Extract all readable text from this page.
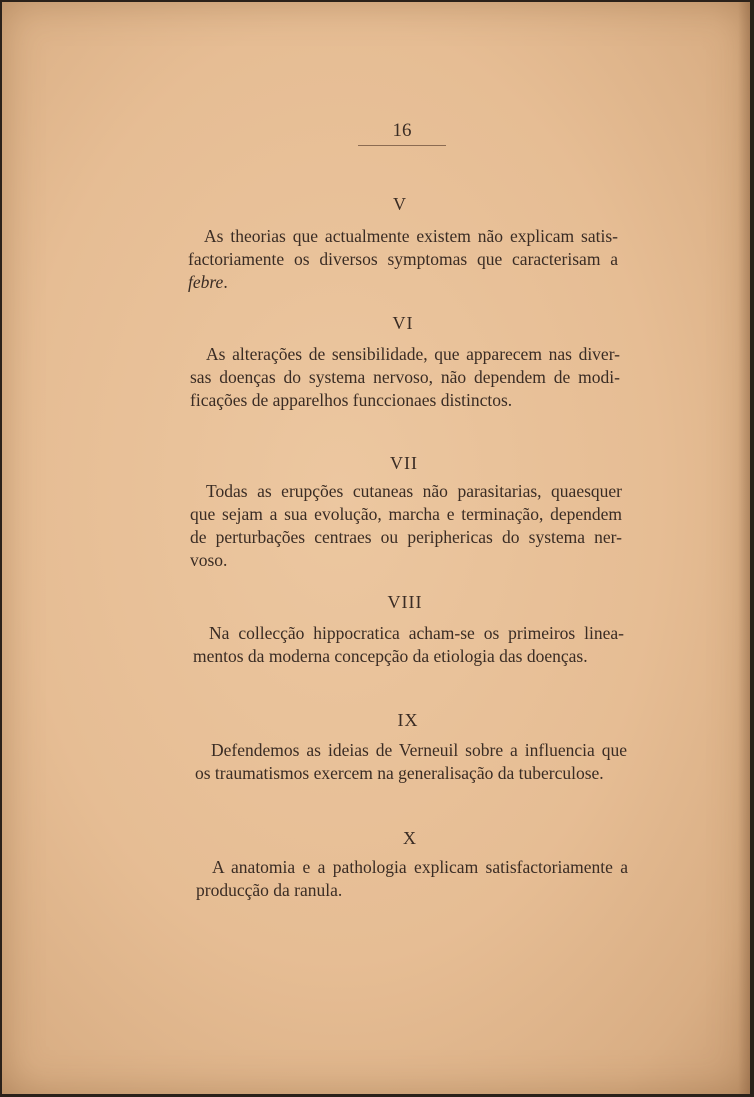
16
V
As theorias que actualmente existem não explicam satis-
factoriamente os diversos symptomas que caracterisam a
febre.
VI
As alterações de sensibilidade, que apparecem nas diver-
sas doenças do systema nervoso, não dependem de modi-
ficações de apparelhos funccionaes distinctos.
VII
Todas as erupções cutaneas não parasitarias, quaesquer
que sejam a sua evolução, marcha e terminação, dependem
de perturbações centraes ou periphericas do systema ner-
voso.
VIII
Na collecção hippocratica acham-se os primeiros linea-
mentos da moderna concepção da etiologia das doenças.
IX
Defendemos as ideias de Verneuil sobre a influencia que
os traumatismos exercem na generalisação da tuberculose.
X
A anatomia e a pathologia explicam satisfactoriamente a
producção da ranula.
